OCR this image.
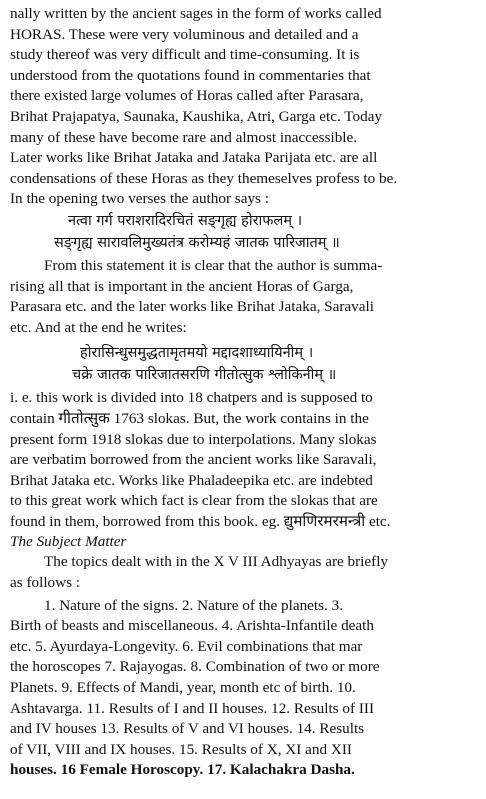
nally written by the ancient sages in the form of works called
HORAS. These were very voluminous and detailed and a
study thereof was very difficult and time-consuming. It is
understood from the quotations found in commentaries that
there existed large volumes of Horas called after Parasara,
Brihat Prajapatya, Saunaka, Kaushika, Atri, Garga etc. Today
many of these have become rare and almost inaccessible.
Later works like Brihat Jataka and Jataka Parijata etc. are all
condensations of these Horas as they themeselves profess to be.
In the opening two verses the author says :

नत्वा गर्ग पराशरादिरचितं सङ्गृह्य होराफलम् ।
सङ्गृह्य सारावलिमुख्यतंत्र करोम्यहं जातक पारिजातम् ॥

From this statement it is clear that the author is summa-
rising all that is important in the ancient Horas of Garga,
Parasara etc. and the later works like Brihat Jataka, Saravali
etc. And at the end he writes:

होरासिन्धुसमुद्धतामृतमयो मद्दादशाध्यायिनीम् ।
चक्रे जातक पारिजातसरणि गीतोत्सुक श्लोकिनीम् ॥

i. e. this work is divided into 18 chatpers and is supposed to
contain गीतोत्सुक 1763 slokas. But, the work contains in the
present form 1918 slokas due to interpolations. Many slokas
are verbatim borrowed from the ancient works like Saravali,
Brihat Jataka etc. Works like Phaladeepika etc. are indebted
to this great work which fact is clear from the slokas that are
found in them, borrowed from this book. eg. द्युमणिरमरमन्त्री etc.

The Subject Matter

The topics dealt with in the X V III Adhyayas are briefly
as follows :

1. Nature of the signs. 2. Nature of the planets. 3.
Birth of beasts and miscellaneous. 4. Arishta-Infantile death
etc. 5. Ayurdaya-Longevity. 6. Evil combinations that mar
the horoscopes 7. Rajayogas. 8. Combination of two or more
Planets. 9. Effects of Mandi, year, month etc of birth. 10.
Ashtavarga. 11. Results of I and II houses. 12. Results of III
and IV houses 13. Results of V and VI houses. 14. Results
of VII, VIII and IX houses. 15. Results of X, XI and XII
houses. 16 Female Horoscopy. 17. Kalachakra Dasha.
